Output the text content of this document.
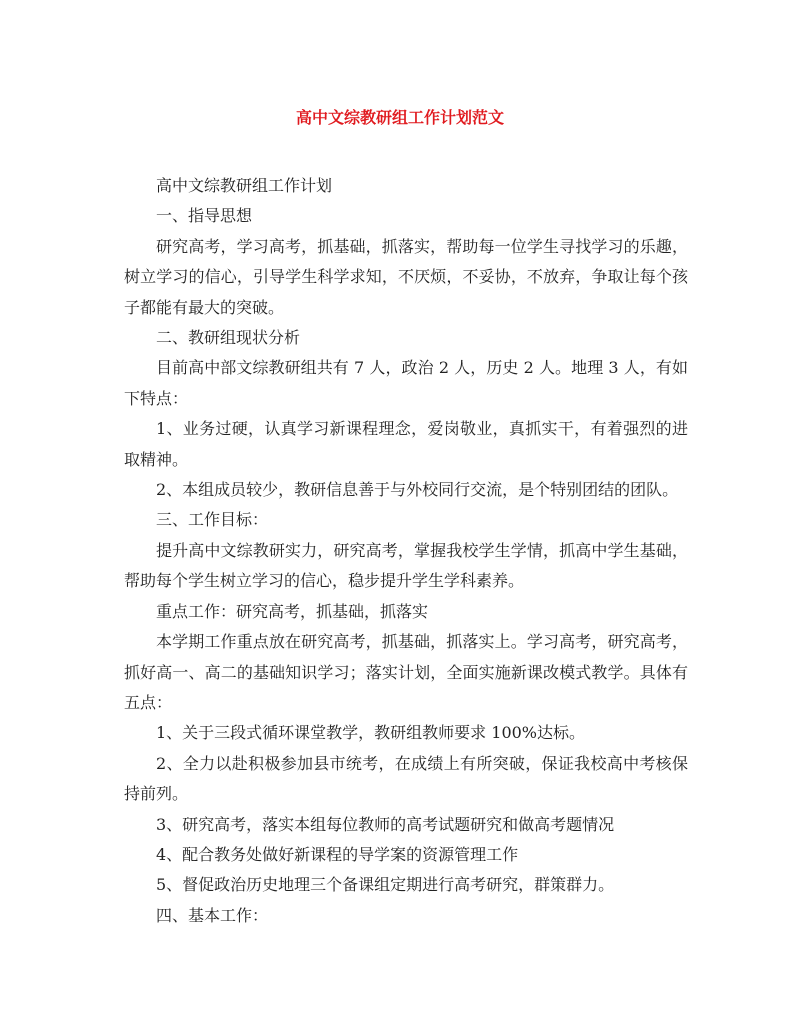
高中文综教研组工作计划范文

高中文综教研组工作计划

一、指导思想

研究高考，学习高考，抓基础，抓落实，帮助每一位学生寻找学习的乐趣，树立学习的信心，引导学生科学求知，不厌烦，不妥协，不放弃，争取让每个孩子都能有最大的突破。

二、教研组现状分析

目前高中部文综教研组共有 7 人，政治 2 人，历史 2 人。地理 3 人，有如下特点：

1、业务过硬，认真学习新课程理念，爱岗敬业，真抓实干，有着强烈的进取精神。

2、本组成员较少，教研信息善于与外校同行交流，是个特别团结的团队。

三、工作目标：

提升高中文综教研实力，研究高考，掌握我校学生学情，抓高中学生基础，帮助每个学生树立学习的信心，稳步提升学生学科素养。

重点工作：研究高考，抓基础，抓落实

本学期工作重点放在研究高考，抓基础，抓落实上。学习高考，研究高考，抓好高一、高二的基础知识学习；落实计划，全面实施新课改模式教学。具体有五点：

1、关于三段式循环课堂教学，教研组教师要求 100%达标。

2、全力以赴积极参加县市统考，在成绩上有所突破，保证我校高中考核保持前列。

3、研究高考，落实本组每位教师的高考试题研究和做高考题情况

4、配合教务处做好新课程的导学案的资源管理工作

5、督促政治历史地理三个备课组定期进行高考研究，群策群力。

四、基本工作：
